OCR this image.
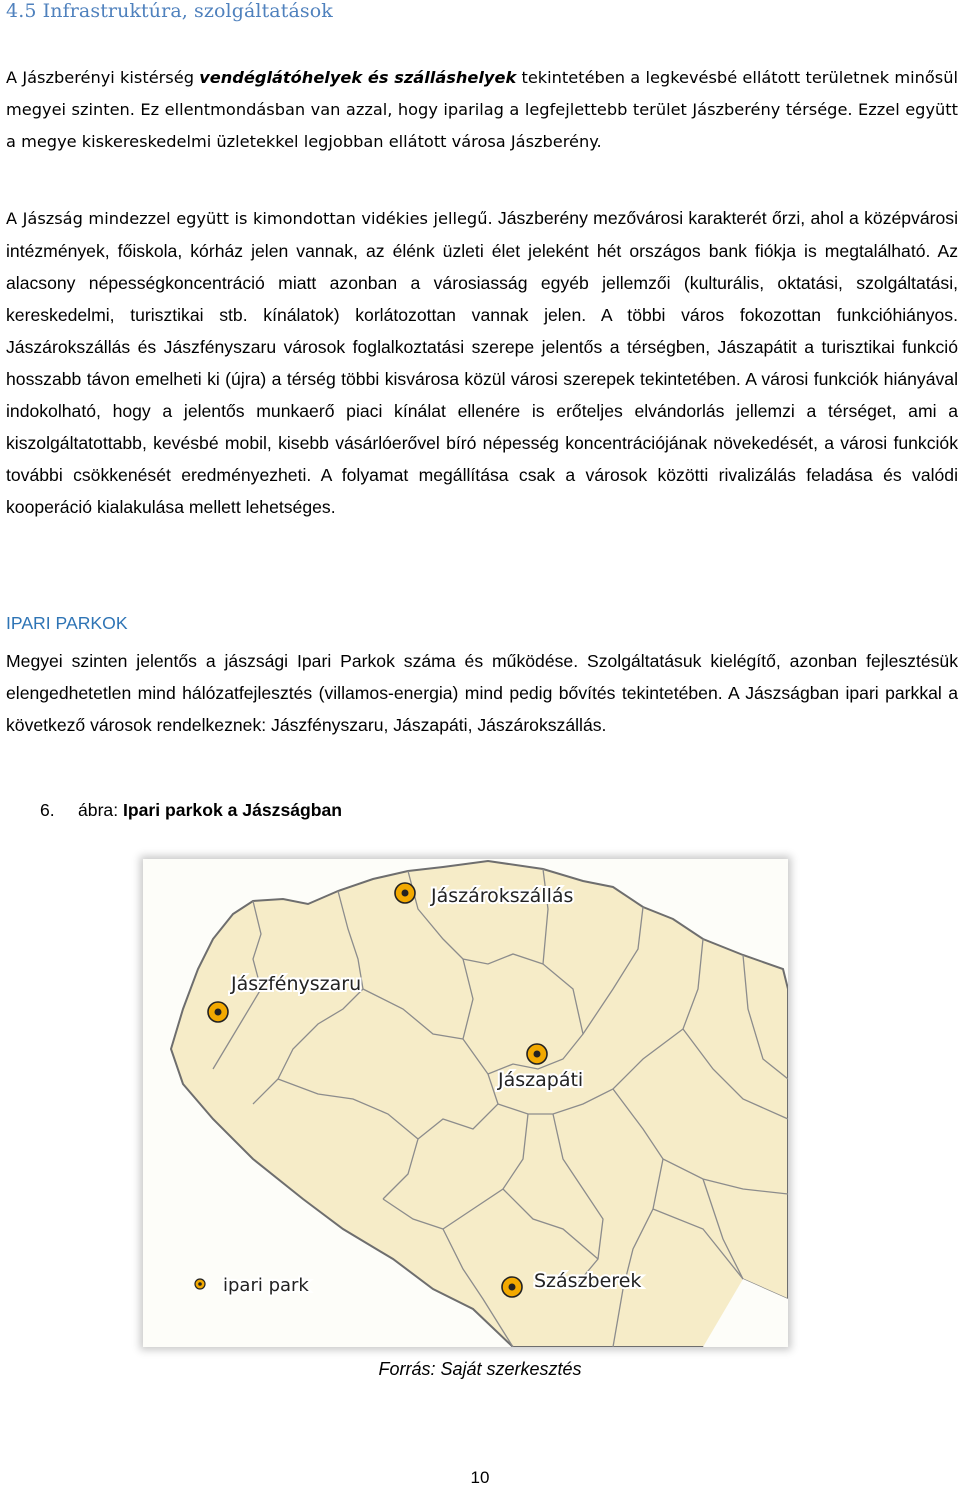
4.5 Infrastruktúra, szolgáltatások

A Jászberényi kistérség vendéglátóhelyek és szálláshelyek tekintetében a legkevésbé ellátott területnek minősül megyei szinten. Ez ellentmondásban van azzal, hogy iparilag a legfejlettebb terület Jászberény térsége. Ezzel együtt a megye kiskereskedelmi üzletekkel legjobban ellátott városa Jászberény.

A Jászság mindezzel együtt is kimondottan vidékies jellegű. Jászberény mezővárosi karakterét őrzi, ahol a középvárosi intézmények, főiskola, kórház jelen vannak, az élénk üzleti élet jeleként hét országos bank fiókja is megtalálható. Az alacsony népességkoncentráció miatt azonban a városiasság egyéb jellemzői (kulturális, oktatási, szolgáltatási, kereskedelmi, turisztikai stb. kínálatok) korlátozottan vannak jelen. A többi város fokozottan funkcióhiányos. Jászárokszállás és Jászfényszaru városok foglalkoztatási szerepe jelentős a térségben, Jászapátit a turisztikai funkció hosszabb távon emelheti ki (újra) a térség többi kisvárosa közül városi szerepek tekintetében. A városi funkciók hiányával indokolható, hogy a jelentős munkaerő piaci kínálat ellenére is erőteljes elvándorlás jellemzi a térséget, ami a kiszolgáltatottabb, kevésbé mobil, kisebb vásárlóerővel bíró népesség koncentrációjának növekedését, a városi funkciók további csökkenését eredményezheti. A folyamat megállítása csak a városok közötti rivalizálás feladása és valódi kooperáció kialakulása mellett lehetséges.

IPARI PARKOK

Megyei szinten jelentős a jászsági Ipari Parkok száma és működése. Szolgáltatásuk kielégítő, azonban fejlesztésük elengedhetetlen mind hálózatfejlesztés (villamos-energia) mind pedig bővítés tekintetében. A Jászságban ipari parkkal a következő városok rendelkeznek: Jászfényszaru, Jászapáti, Jászárokszállás.

6. ábra: Ipari parkok a Jászságban

Jászárokszállás
Jászfényszaru
Jászapáti
Szászberek
ipari park

Forrás: Saját szerkesztés

10
